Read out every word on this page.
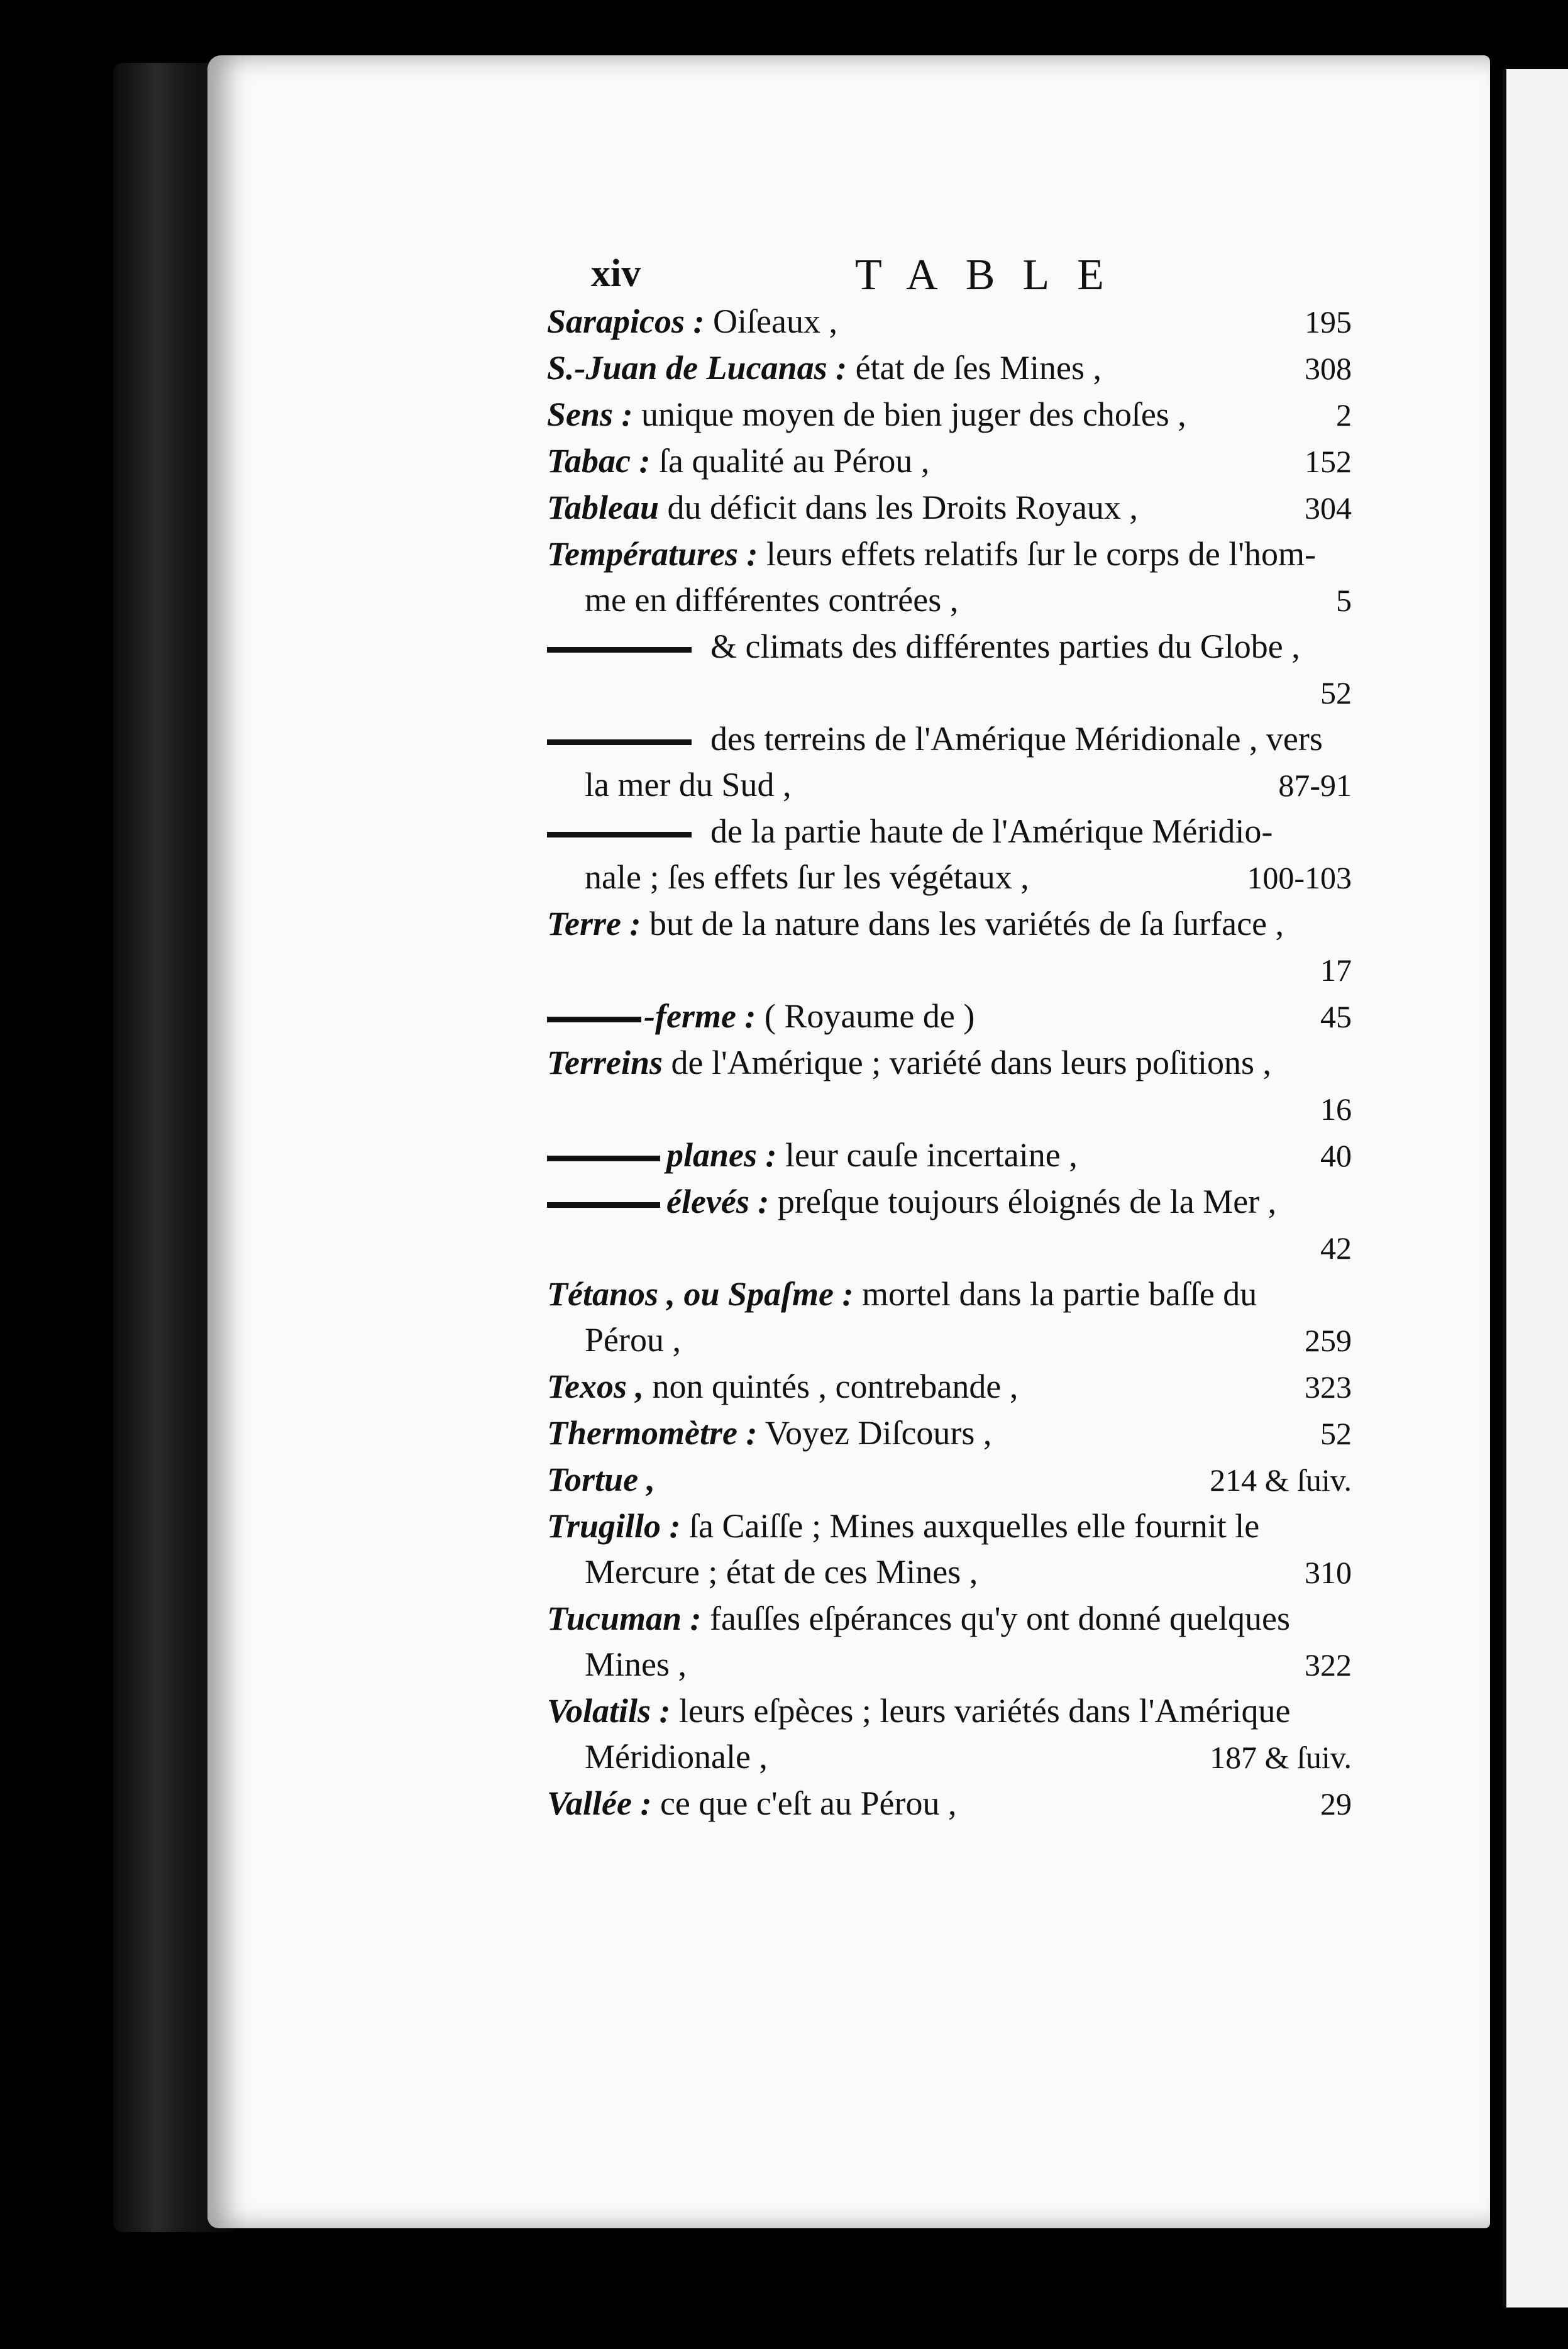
xiv	TABLE
Sarapicos : Oiſeaux ,	195
S.-Juan de Lucanas : état de ſes Mines ,	308
Sens : unique moyen de bien juger des choſes ,	2
Tabac : ſa qualité au Pérou ,	152
Tableau du déficit dans les Droits Royaux ,	304
Températures : leurs effets relatifs ſur le corps de l'hom-
me en différentes contrées ,	5
& climats des différentes parties du Globe ,
52
des terreins de l'Amérique Méridionale , vers
la mer du Sud ,	87-91
de la partie haute de l'Amérique Méridio-
nale ; ſes effets ſur les végétaux ,	100-103
Terre : but de la nature dans les variétés de ſa ſurface ,
17
-ferme : ( Royaume de )	45
Terreins de l'Amérique ; variété dans leurs poſitions ,
16
planes : leur cauſe incertaine ,	40
élevés : preſque toujours éloignés de la Mer ,
42
Tétanos , ou Spaſme : mortel dans la partie baſſe du
Pérou ,	259
Texos , non quintés , contrebande ,	323
Thermomètre : Voyez Diſcours ,	52
Tortue ,	214 & ſuiv.
Trugillo : ſa Caiſſe ; Mines auxquelles elle fournit le
Mercure ; état de ces Mines ,	310
Tucuman : fauſſes eſpérances qu'y ont donné quelques
Mines ,	322
Volatils : leurs eſpèces ; leurs variétés dans l'Amérique
Méridionale ,	187 & ſuiv.
Vallée : ce que c'eſt au Pérou ,	29
